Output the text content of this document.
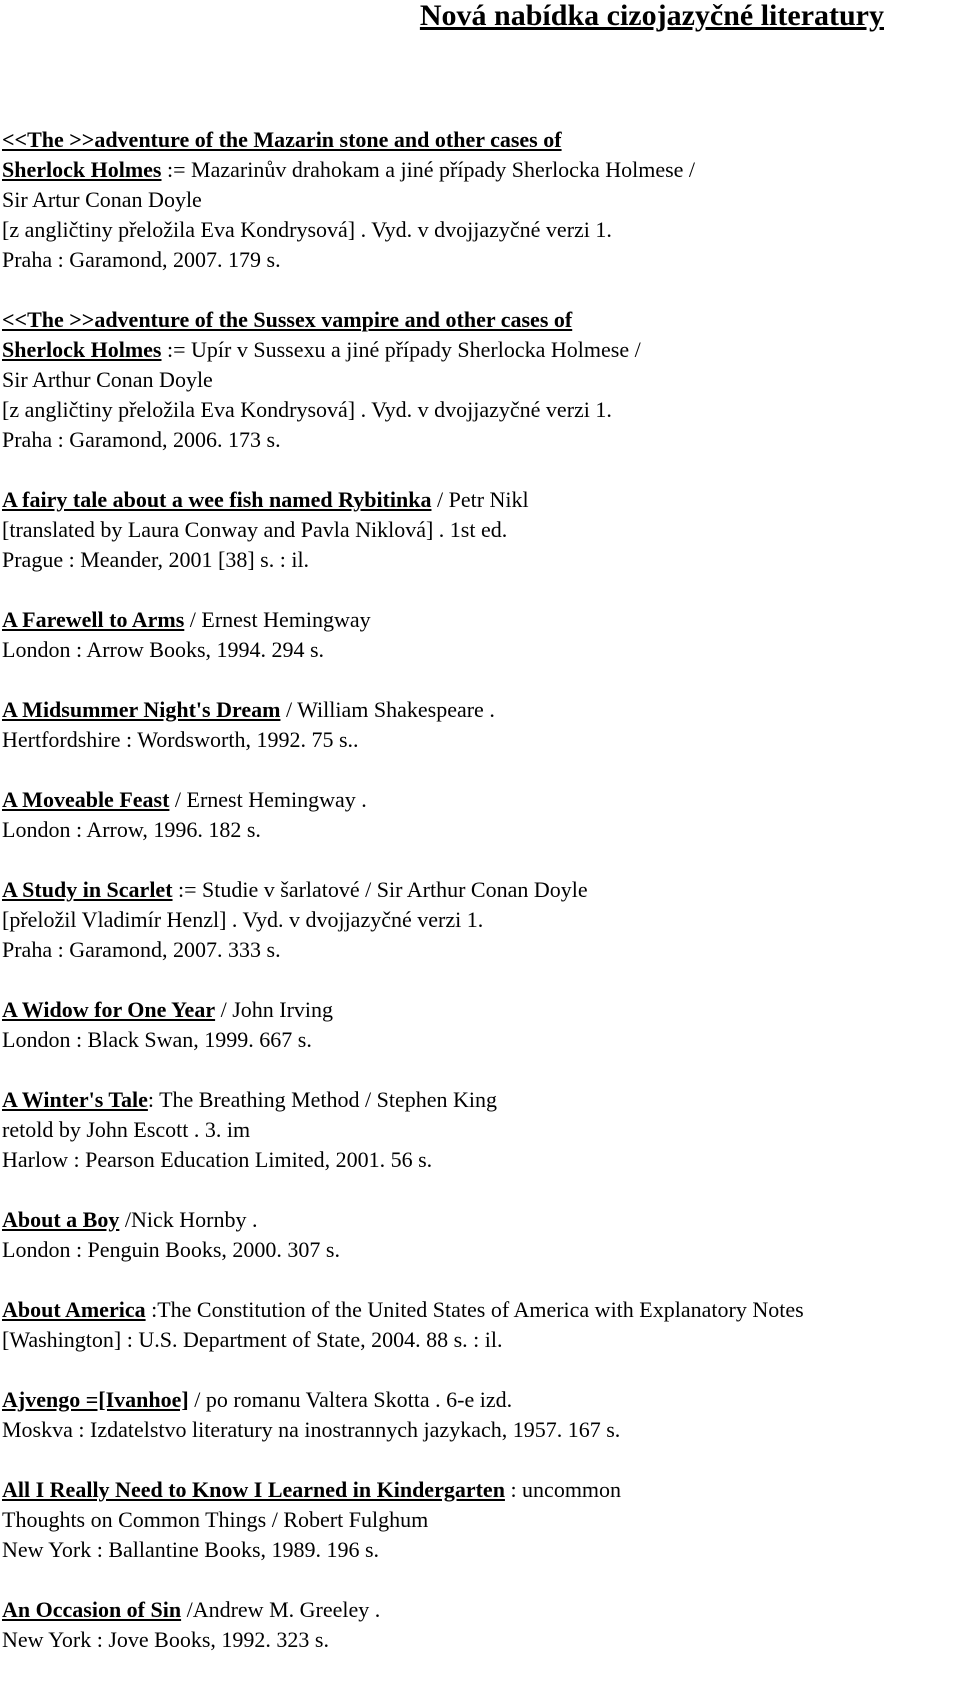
Nová nabídka cizojazyčné literatury
<<The >>adventure of the Mazarin stone and other cases of
Sherlock Holmes := Mazarinův drahokam a jiné případy Sherlocka Holmese /
Sir Artur Conan Doyle
[z angličtiny přeložila Eva Kondrysová] . Vyd. v dvojjazyčné verzi 1.
Praha : Garamond, 2007. 179 s.
<<The >>adventure of the Sussex vampire and other cases of
Sherlock Holmes := Upír v Sussexu a jiné případy Sherlocka Holmese /
Sir Arthur Conan Doyle
[z angličtiny přeložila Eva Kondrysová] . Vyd. v dvojjazyčné verzi 1.
Praha : Garamond, 2006. 173 s.
A fairy tale about a wee fish named Rybitinka / Petr Nikl
[translated by Laura Conway and Pavla Niklová] . 1st ed.
Prague : Meander, 2001 [38] s. : il.
A Farewell to Arms / Ernest Hemingway
London : Arrow Books, 1994. 294 s.
A Midsummer Night's Dream / William Shakespeare .
Hertfordshire : Wordsworth, 1992. 75 s..
A Moveable Feast / Ernest Hemingway .
London : Arrow, 1996. 182 s.
A Study in Scarlet := Studie v šarlatové / Sir Arthur Conan Doyle
[přeložil Vladimír Henzl] . Vyd. v dvojjazyčné verzi 1.
Praha : Garamond, 2007. 333 s.
A Widow for One Year / John Irving
London : Black Swan, 1999. 667 s.
A Winter's Tale: The Breathing Method / Stephen King
retold by John Escott . 3. im
Harlow : Pearson Education Limited, 2001. 56 s.
About a Boy /Nick Hornby .
London : Penguin Books, 2000. 307 s.
About America :The Constitution of the United States of America with Explanatory Notes
[Washington] : U.S. Department of State, 2004. 88 s. : il.
Ajvengo =[Ivanhoe] / po romanu Valtera Skotta . 6-e izd.
Moskva : Izdatelstvo literatury na inostrannych jazykach, 1957. 167 s.
All I Really Need to Know I Learned in Kindergarten : uncommon
Thoughts on Common Things / Robert Fulghum
New York : Ballantine Books, 1989. 196 s.
An Occasion of Sin /Andrew M. Greeley .
New York : Jove Books, 1992. 323 s.
